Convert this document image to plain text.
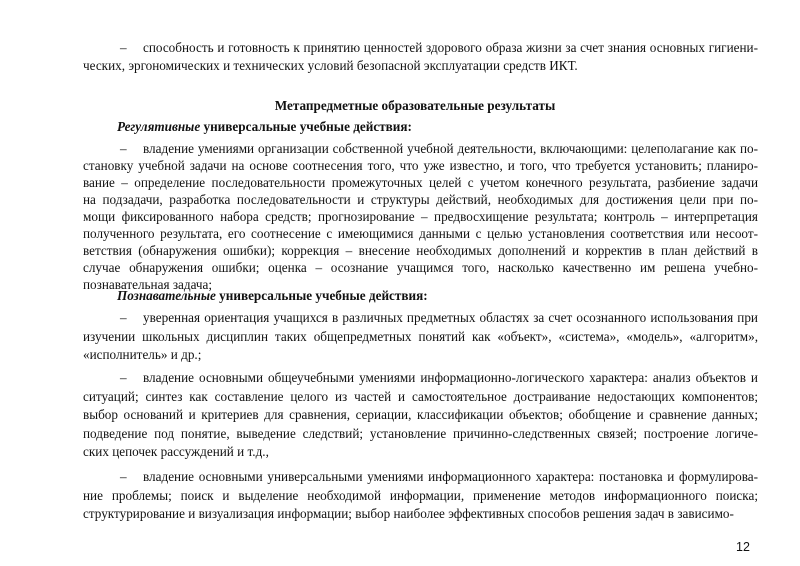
Метапредметные образовательные результаты
Регулятивные универсальные учебные действия:
Познавательные универсальные учебные действия:
12
– способность и готовность к принятию ценностей здорового образа жизни за счет знания основных гигиени-
ческих, эргономических и технических условий безопасной эксплуатации средств ИКТ.
– владение умениями организации собственной учебной деятельности, включающими: целеполагание как по-
становку учебной задачи на основе соотнесения того, что уже известно, и того, что требуется установить; планиро-
вание – определение последовательности промежуточных целей с учетом конечного результата, разбиение задачи
на подзадачи, разработка последовательности и структуры действий, необходимых для достижения цели при по-
мощи фиксированного набора средств; прогнозирование – предвосхищение результата; контроль – интерпретация
полученного результата, его соотнесение с имеющимися данными с целью установления соответствия или несоот-
ветствия (обнаружения ошибки); коррекция – внесение необходимых дополнений и корректив в план действий в
случае обнаружения ошибки; оценка – осознание учащимся того, насколько качественно им решена учебно-
познавательная задача;
– уверенная ориентация учащихся в различных предметных областях за счет осознанного использования при
изучении школьных дисциплин таких общепредметных понятий как «объект», «система», «модель», «алгоритм»,
«исполнитель» и др.;
– владение основными общеучебными умениями информационно-логического характера: анализ объектов и
ситуаций; синтез как составление целого из частей и самостоятельное достраивание недостающих компонентов;
выбор оснований и критериев для сравнения, сериации, классификации объектов; обобщение и сравнение данных;
подведение под понятие, выведение следствий; установление причинно-следственных связей; построение логиче-
ских цепочек рассуждений и т.д.,
– владение основными универсальными умениями информационного характера: постановка и формулирова-
ние проблемы; поиск и выделение необходимой информации, применение методов информационного поиска;
структурирование и визуализация информации; выбор наиболее эффективных способов решения задач в зависимо-
